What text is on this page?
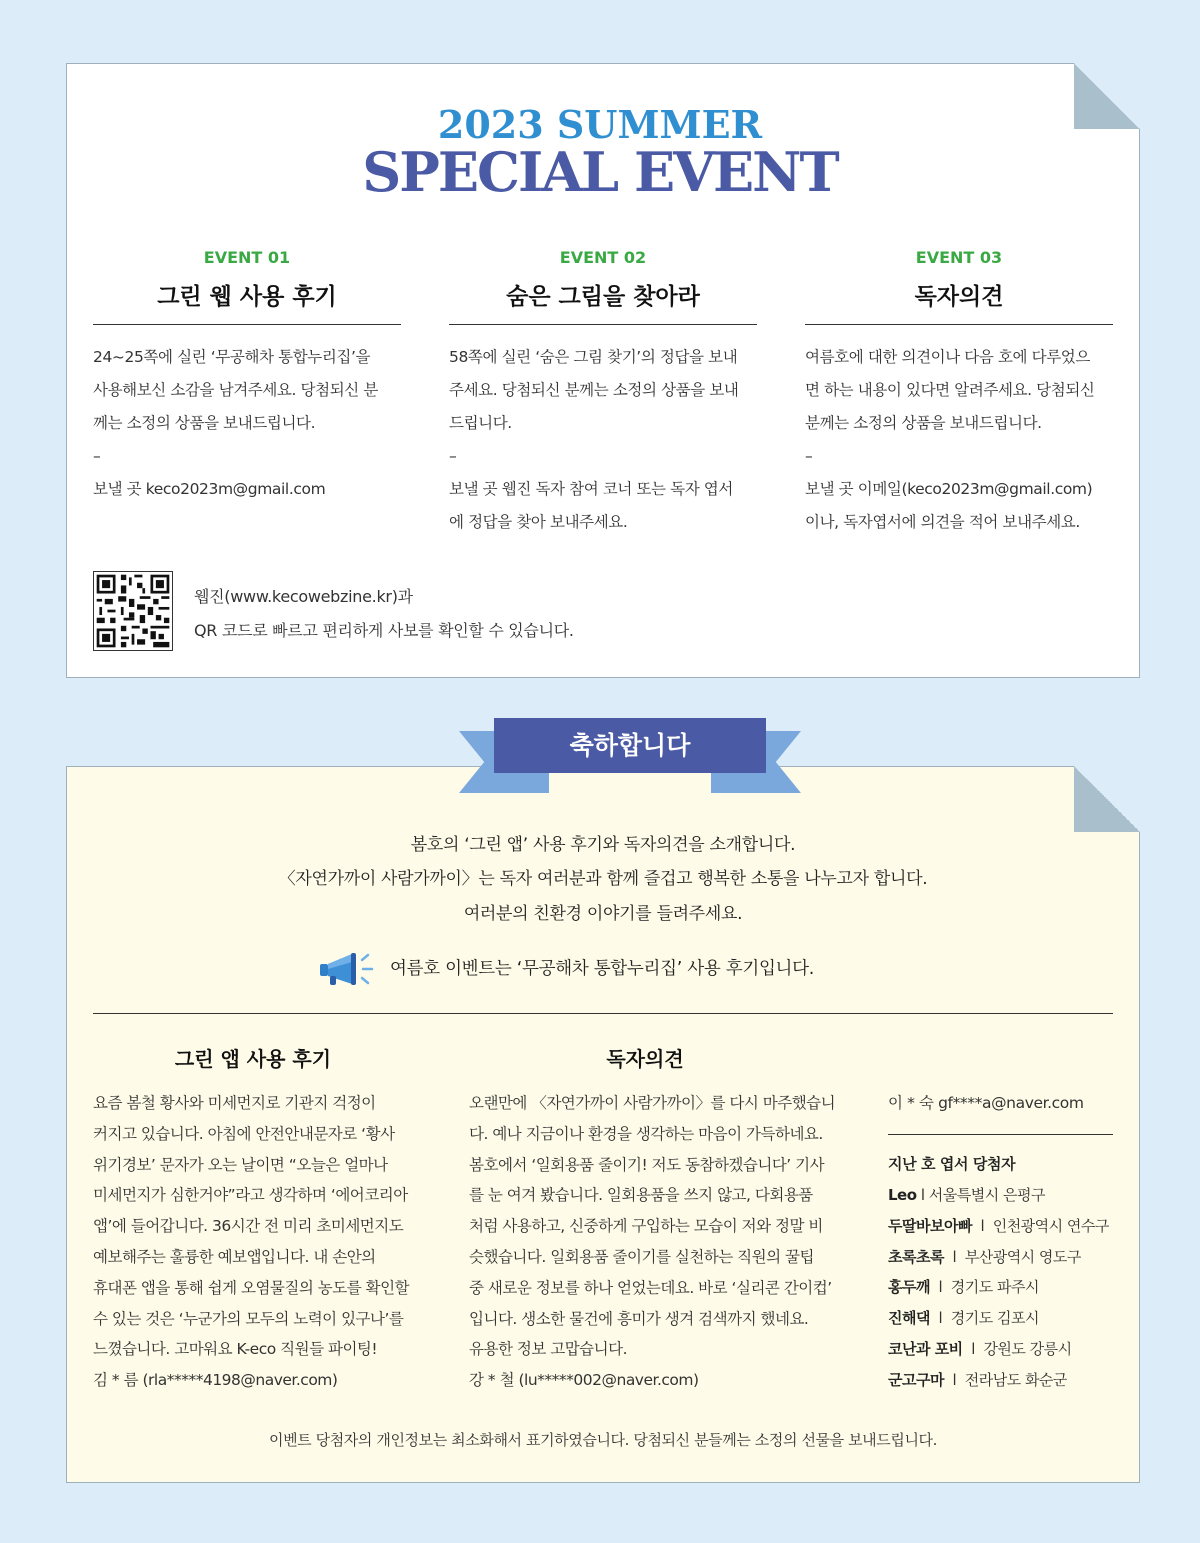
2023 SUMMER
SPECIAL EVENT
EVENT 01
그린 웹 사용 후기

24~25쪽에 실린 ‘무공해차 통합누리집’을

사용해보신 소감을 남겨주세요. 당첨되신 분

께는 소정의 상품을 보내드립니다.

–

보낼 곳 keco2023m@gmail.com

EVENT 02
숨은 그림을 찾아라

58쪽에 실린 ‘숨은 그림 찾기’의 정답을 보내

주세요. 당첨되신 분께는 소정의 상품을 보내

드립니다.

–

보낼 곳 웹진 독자 참여 코너 또는 독자 엽서

에 정답을 찾아 보내주세요.

EVENT 03
독자의견

여름호에 대한 의견이나 다음 호에 다루었으

면 하는 내용이 있다면 알려주세요. 당첨되신

분께는 소정의 상품을 보내드립니다.

–

보낼 곳 이메일(keco2023m@gmail.com)

이나, 독자엽서에 의견을 적어 보내주세요.

웹진(www.kecowebzine.kr)과
QR 코드로 빠르고 편리하게 사보를 확인할 수 있습니다.
축하합니다
봄호의 ‘그린 앱’ 사용 후기와 독자의견을 소개합니다.
〈자연가까이 사람가까이〉는 독자 여러분과 함께 즐겁고 행복한 소통을 나누고자 합니다.
여러분의 친환경 이야기를 들려주세요.
여름호 이벤트는 ‘무공해차 통합누리집’ 사용 후기입니다.
그린 앱 사용 후기

요즘 봄철 황사와 미세먼지로 기관지 걱정이

커지고 있습니다. 아침에 안전안내문자로 ‘황사

위기경보’ 문자가 오는 날이면 “오늘은 얼마나

미세먼지가 심한거야”라고 생각하며 ‘에어코리아

앱’에 들어갑니다. 36시간 전 미리 초미세먼지도

예보해주는 훌륭한 예보앱입니다. 내 손안의

휴대폰 앱을 통해 쉽게 오염물질의 농도를 확인할

수 있는 것은 ‘누군가의 모두의 노력이 있구나’를

느꼈습니다. 고마워요 K-eco 직원들 파이팅!

김 * 름 (rla*****4198@naver.com)

독자의견

오랜만에 〈자연가까이 사람가까이〉를 다시 마주했습니

다. 예나 지금이나 환경을 생각하는 마음이 가득하네요.

봄호에서 ‘일회용품 줄이기! 저도 동참하겠습니다’ 기사

를 눈 여겨 봤습니다. 일회용품을 쓰지 않고, 다회용품

처럼 사용하고, 신중하게 구입하는 모습이 저와 정말 비

슷했습니다. 일회용품 줄이기를 실천하는 직원의 꿀팁

중 새로운 정보를 하나 얻었는데요. 바로 ‘실리콘 간이컵’

입니다. 생소한 물건에 흥미가 생겨 검색까지 했네요.

유용한 정보 고맙습니다.

강 * 철 (lu*****002@naver.com)

이 * 숙 gf****a@naver.com
지난 호 엽서 당첨자
Leo l 서울특별시 은평구
두딸바보아빠  l  인천광역시 연수구
초록초록  l  부산광역시 영도구
홍두깨  l  경기도 파주시
진해댁  l  경기도 김포시
코난과 포비  l  강원도 강릉시
군고구마  l  전라남도 화순군
이벤트 당첨자의 개인정보는 최소화해서 표기하였습니다. 당첨되신 분들께는 소정의 선물을 보내드립니다.
